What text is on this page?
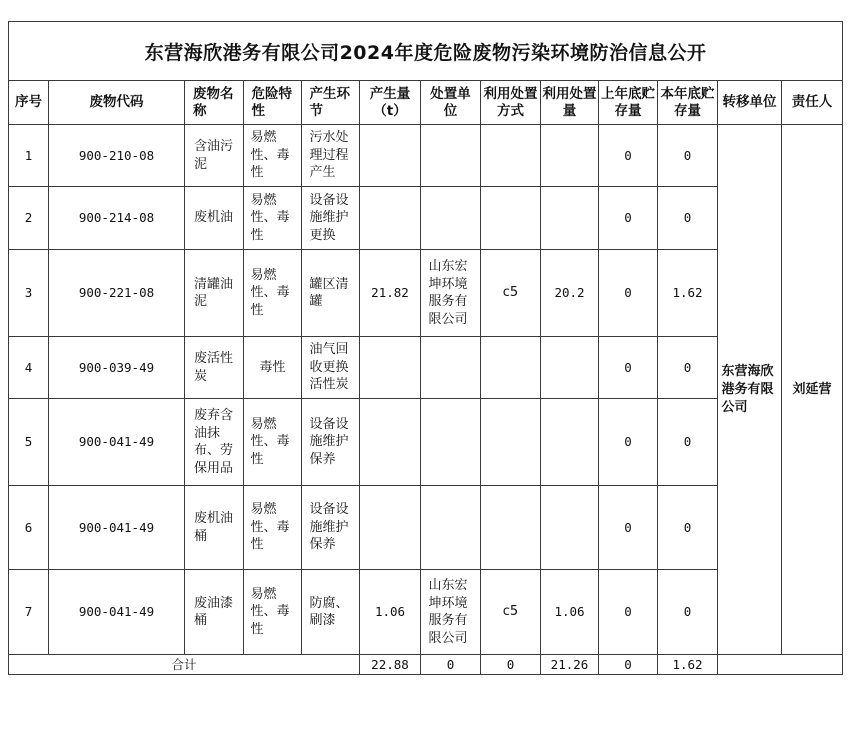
东营海欣港务有限公司2024年度危险废物污染环境防治信息公开												
序号	废物代码	废物名称	危险特性	产生环节	产生量（t）	处置单位	利用处置方式	利用处置量	上年底贮存量	本年底贮存量	转移单位	责任人
1	900-210-08	含油污泥	易燃性、毒性	污水处理过程产生					0	0	东营海欣港务有限公司	刘延营
2	900-214-08	废机油	易燃性、毒性	设备设施维护更换					0	0		
3	900-221-08	清罐油泥	易燃性、毒性	罐区清罐	21.82	山东宏坤环境服务有限公司	c5	20.2	0	1.62		
4	900-039-49	废活性炭	毒性	油气回收更换活性炭					0	0		
5	900-041-49	废弃含油抹布、劳保用品	易燃性、毒性	设备设施维护保养					0	0		
6	900-041-49	废机油桶	易燃性、毒性	设备设施维护保养					0	0		
7	900-041-49	废油漆桶	易燃性、毒性	防腐、刷漆	1.06	山东宏坤环境服务有限公司	c5	1.06	0	0		
合计					22.88	0	0	21.26	0	1.62		
